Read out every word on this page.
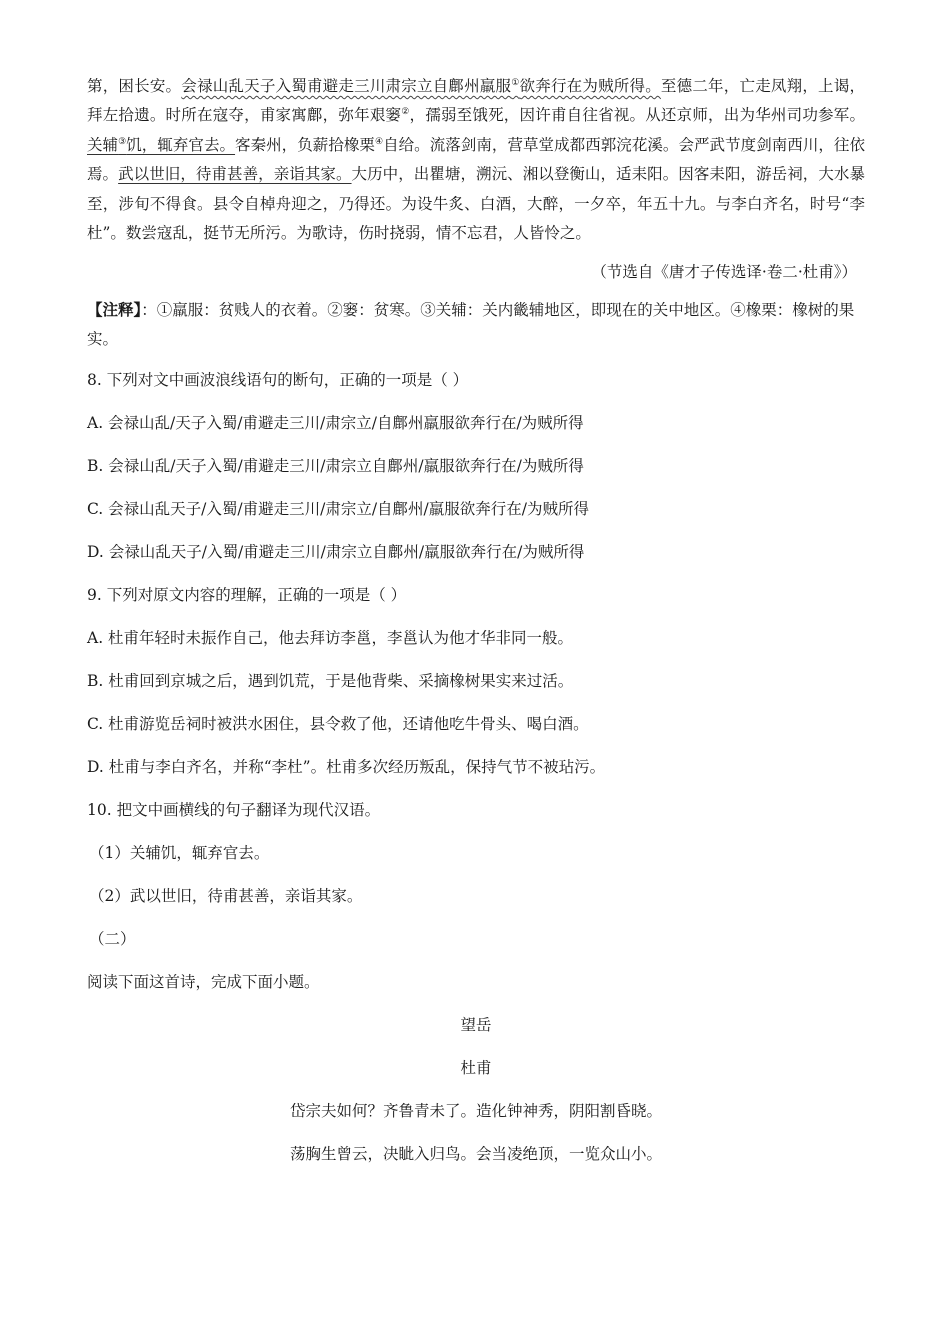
第，困长安。会禄山乱天子入蜀甫避走三川肃宗立自鄜州羸服①欲奔行在为贼所得。至德二年，亡走凤翔，上谒，拜左拾遗。时所在寇夺，甫家寓鄜，弥年艰窭②，孺弱至饿死，因许甫自往省视。从还京师，出为华州司功参军。关辅③饥，辄弃官去。客秦州，负薪拾橡栗④自给。流落剑南，营草堂成都西郭浣花溪。会严武节度剑南西川，往依焉。武以世旧，待甫甚善，亲诣其家。大历中，出瞿塘，溯沅、湘以登衡山，适耒阳。因客耒阳，游岳祠，大水暴至，涉旬不得食。县令自棹舟迎之，乃得还。为设牛炙、白酒，大醉，一夕卒，年五十九。与李白齐名，时号“李杜”。数尝寇乱，挺节无所污。为歌诗，伤时挠弱，情不忘君，人皆怜之。

（节选自《唐才子传选译·卷二·杜甫》）

【注释】：①羸服：贫贱人的衣着。②窭：贫寒。③关辅：关内畿辅地区，即现在的关中地区。④橡栗：橡树的果实。

8. 下列对文中画波浪线语句的断句，正确的一项是（ ）

A. 会禄山乱/天子入蜀/甫避走三川/肃宗立/自鄜州羸服欲奔行在/为贼所得

B. 会禄山乱/天子入蜀/甫避走三川/肃宗立自鄜州/羸服欲奔行在/为贼所得

C. 会禄山乱天子/入蜀/甫避走三川/肃宗立/自鄜州/羸服欲奔行在/为贼所得

D. 会禄山乱天子/入蜀/甫避走三川/肃宗立自鄜州/羸服欲奔行在/为贼所得

9. 下列对原文内容的理解，正确的一项是（ ）

A. 杜甫年轻时未振作自己，他去拜访李邕，李邕认为他才华非同一般。

B. 杜甫回到京城之后，遇到饥荒，于是他背柴、采摘橡树果实来过活。

C. 杜甫游览岳祠时被洪水困住，县令救了他，还请他吃牛骨头、喝白酒。

D. 杜甫与李白齐名，并称“李杜”。杜甫多次经历叛乱，保持气节不被玷污。

10. 把文中画横线的句子翻译为现代汉语。

（1）关辅饥，辄弃官去。

（2）武以世旧，待甫甚善，亲诣其家。

（二）

阅读下面这首诗，完成下面小题。

望岳

杜甫

岱宗夫如何？齐鲁青未了。造化钟神秀，阴阳割昏晓。

荡胸生曾云，决眦入归鸟。会当凌绝顶，一览众山小。
